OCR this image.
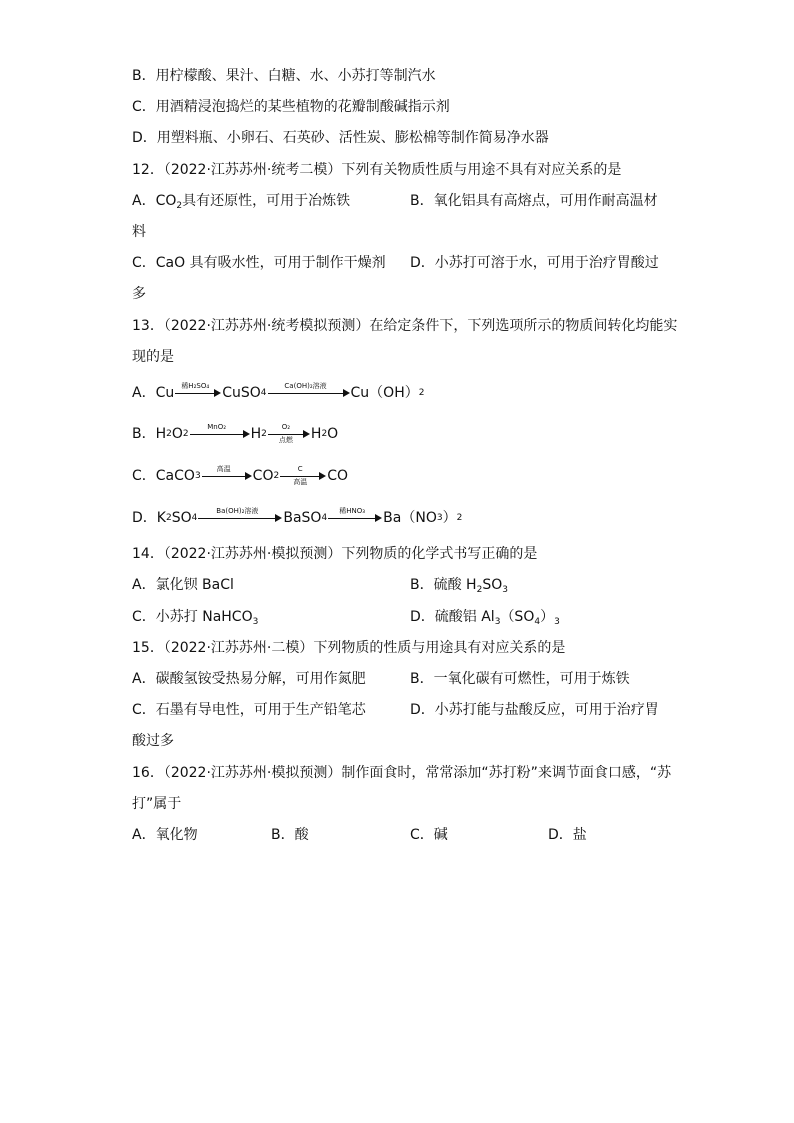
B．用柠檬酸、果汁、白糖、水、小苏打等制汽水
C．用酒精浸泡捣烂的某些植物的花瓣制酸碱指示剂
D．用塑料瓶、小卵石、石英砂、活性炭、膨松棉等制作简易净水器
12．（2022·江苏苏州·统考二模）下列有关物质性质与用途不具有对应关系的是
A．$CO_2$具有还原性，可用于冶炼铁	B．氧化铝具有高熔点，可用作耐高温材
料
C．CaO 具有吸水性，可用于制作干燥剂 D．小苏打可溶于水，可用于治疗胃酸过
多
13．（2022·江苏苏州·统考模拟预测）在给定条件下，下列选项所示的物质间转化均能实
现的是
A． Cu	稀H₂SO₄ CuSO 4
Ca(OH)₂溶液	Cu（OH） 2
B． H 2 O 2
MnO₂	H 2
O₂
点燃	H 2 O
C． CaCO 3
高温	CO 2
C
高温	CO
D． K 2 SO 4
Ba(OH)₂溶液	BaSO 4
稀HNO₃	Ba（NO 3 ） 2
14．（2022·江苏苏州·模拟预测）下列物质的化学式书写正确的是
A．氯化钡 BaCl	B．硫酸 $H_2SO_3$
C．小苏打 NaHCO$_3$	D．硫酸铝 $Al_3(SO_4)_3$
15．（2022·江苏苏州·二模）下列物质的性质与用途具有对应关系的是
A．碳酸氢铵受热易分解，可用作氮肥	B．一氧化碳有可燃性，可用于炼铁
C．石墨有导电性，可用于生产铅笔芯	D．小苏打能与盐酸反应，可用于治疗胃
酸过多
16．（2022·江苏苏州·模拟预测）制作面食时，常常添加“苏打粉”来调节面食口感，“苏
打”属于
A．氧化物	B．酸	C．碱	D．盐
